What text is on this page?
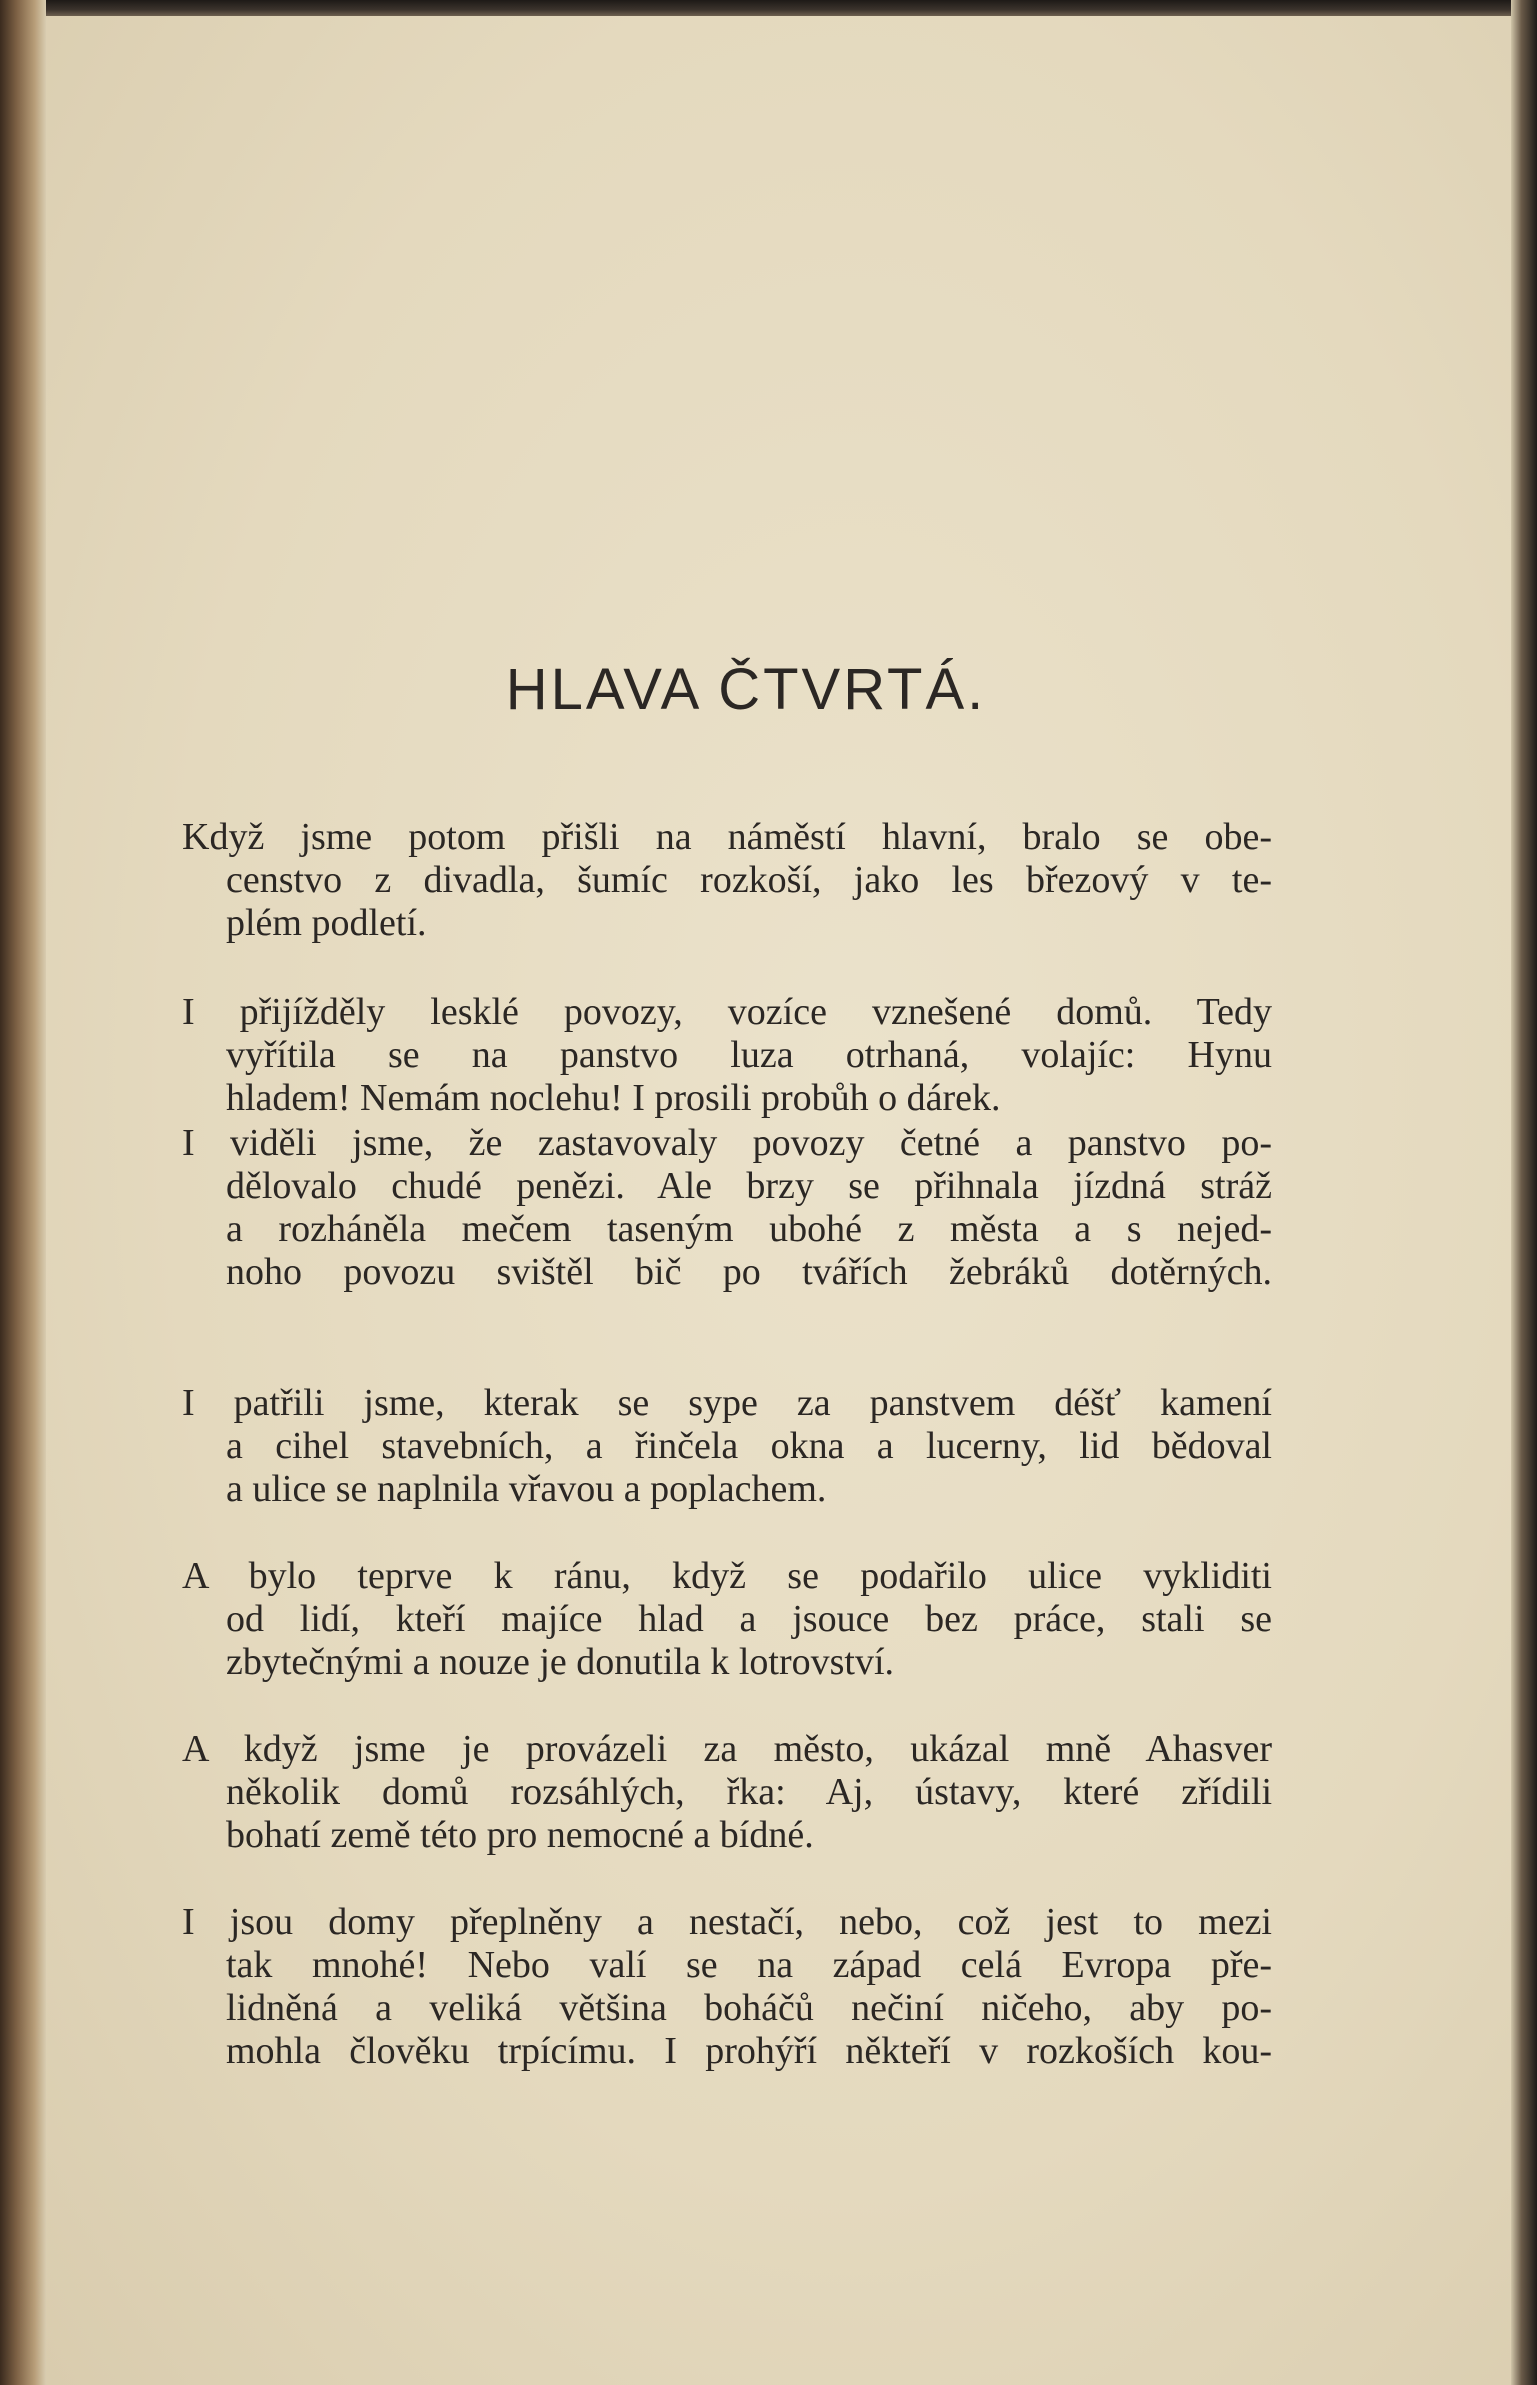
HLAVA ČTVRTÁ.
Když jsme potom přišli na náměstí hlavní, bralo se obe-
censtvo z divadla, šumíc rozkoší, jako les březový v te-
plém podletí.
I přijížděly lesklé povozy, vozíce vznešené domů. Tedy
vyřítila se na panstvo luza otrhaná, volajíc: Hynu
hladem! Nemám noclehu! I prosili probůh o dárek.
I viděli jsme, že zastavovaly povozy četné a panstvo po-
dělovalo chudé penězi. Ale brzy se přihnala jízdná stráž
a rozháněla mečem taseným ubohé z města a s nejed-
noho povozu svištěl bič po tvářích žebráků dotěrných.
I patřili jsme, kterak se sype za panstvem déšť kamení
a cihel stavebních, a řinčela okna a lucerny, lid bědoval
a ulice se naplnila vřavou a poplachem.
A bylo teprve k ránu, když se podařilo ulice vykliditi
od lidí, kteří majíce hlad a jsouce bez práce, stali se
zbytečnými a nouze je donutila k lotrovství.
A když jsme je provázeli za město, ukázal mně Ahasver
několik domů rozsáhlých, řka: Aj, ústavy, které zřídili
bohatí země této pro nemocné a bídné.
I jsou domy přeplněny a nestačí, nebo, což jest to mezi
tak mnohé! Nebo valí se na západ celá Evropa pře-
lidněná a veliká většina boháčů nečiní ničeho, aby po-
mohla člověku trpícímu. I prohýří někteří v rozkoších kou-
